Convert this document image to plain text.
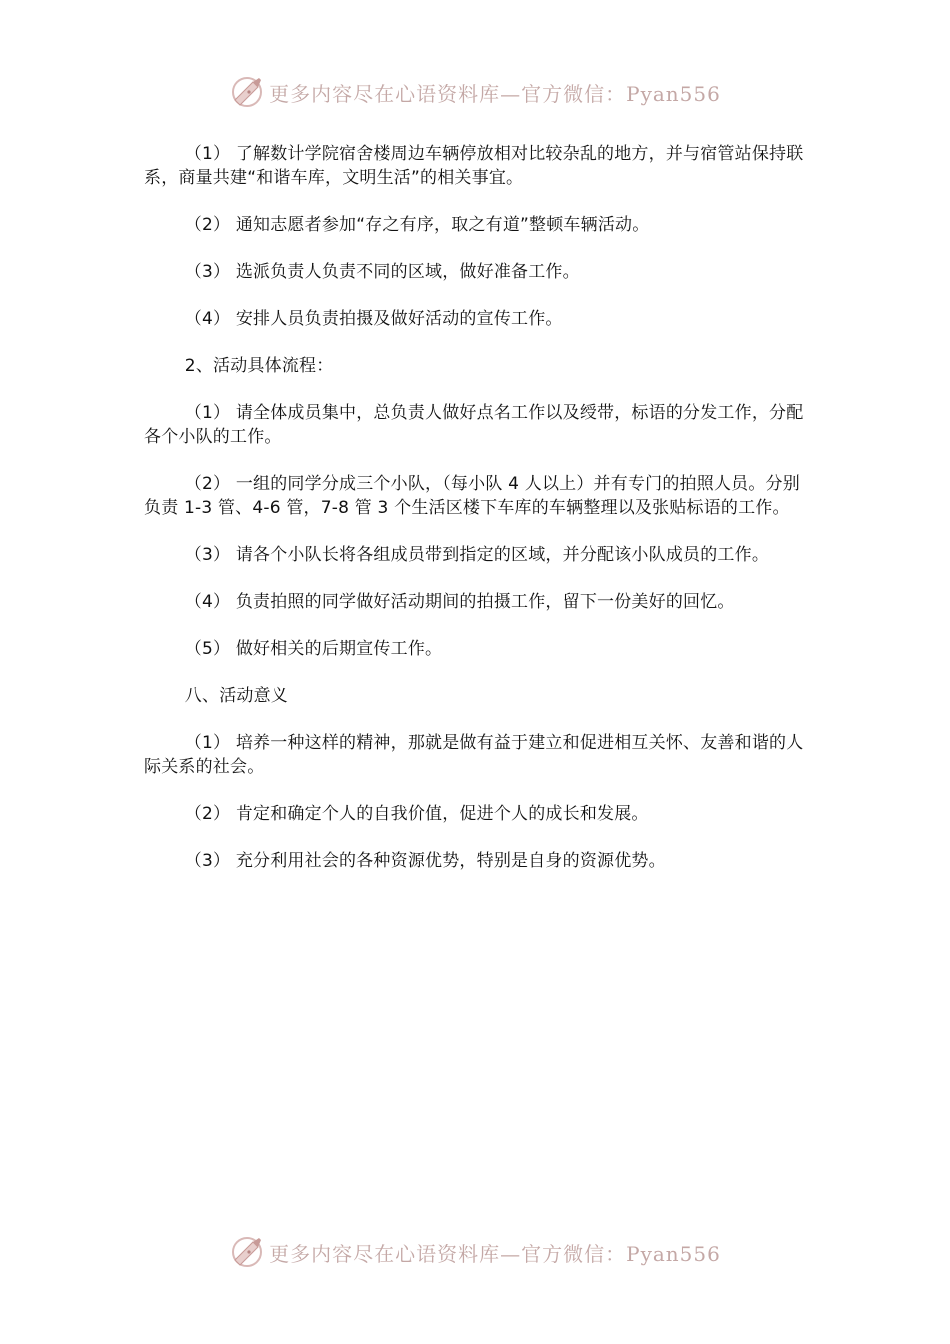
更多内容尽在心语资料库—官方微信：Pyan556

（1） 了解数计学院宿舍楼周边车辆停放相对比较杂乱的地方，并与宿管站保持联系，商量共建“和谐车库，文明生活”的相关事宜。

（2） 通知志愿者参加“存之有序，取之有道”整顿车辆活动。

（3） 选派负责人负责不同的区域，做好准备工作。

（4） 安排人员负责拍摄及做好活动的宣传工作。

2、活动具体流程：

（1） 请全体成员集中，总负责人做好点名工作以及绶带，标语的分发工作，分配各个小队的工作。

（2） 一组的同学分成三个小队，（每小队 4 人以上）并有专门的拍照人员。分别负责 1-3 管、4-6 管，7-8 管 3 个生活区楼下车库的车辆整理以及张贴标语的工作。

（3） 请各个小队长将各组成员带到指定的区域，并分配该小队成员的工作。

（4） 负责拍照的同学做好活动期间的拍摄工作，留下一份美好的回忆。

（5） 做好相关的后期宣传工作。

八、活动意义

（1） 培养一种这样的精神，那就是做有益于建立和促进相互关怀、友善和谐的人际关系的社会。

（2） 肯定和确定个人的自我价值，促进个人的成长和发展。

（3） 充分利用社会的各种资源优势，特别是自身的资源优势。

更多内容尽在心语资料库—官方微信：Pyan556
